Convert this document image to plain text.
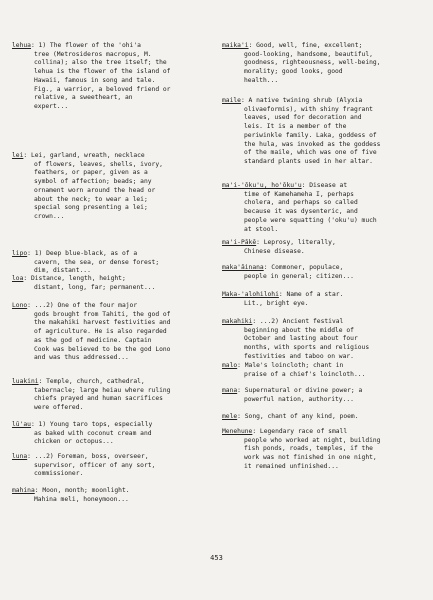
lehua: 1) The flower of the 'ohi'a

tree (Metrosideros macropus, M.

collina); also the tree itself; the

lehua is the flower of the island of

Hawaii, famous in song and tale.

Fig., a warrior, a beloved friend or

relative, a sweetheart, an

expert...

lei: Lei, garland, wreath, necklace

of flowers, leaves, shells, ivory,

feathers, or paper, given as a

symbol of affection; beads; any

ornament worn around the head or

about the neck; to wear a lei;

special song presenting a lei;

crown...

lipo: 1) Deep blue-black, as of a

cavern, the sea, or dense forest;

dim, distant...

loa: Distance, length, height;

distant, long, far; permanent...

Lono: ...2) One of the four major

gods brought from Tahiti, the god of

the makahiki harvest festivities and

of agriculture. He is also regarded

as the god of medicine. Captain

Cook was believed to be the god Lono

and was thus addressed...

luakini: Temple, church, cathedral,

tabernacle; large heiau where ruling

chiefs prayed and human sacrifices

were offered.

lū'au: 1) Young taro tops, especially

as baked with coconut cream and

chicken or octopus...

luna: ...2) Foreman, boss, overseer,

supervisor, officer of any sort,

commissioner.

mahina: Moon, month; moonlight.

Mahina meli, honeymoon...

maika'i: Good, well, fine, excellent;

good-looking, handsome, beautiful,

goodness, righteousness, well-being,

morality; good looks, good

health...

maile: A native twining shrub (Alyxia

olivaeformis), with shiny fragrant

leaves, used for decoration and

leis. It is a member of the

periwinkle family. Laka, goddess of

the hula, was invoked as the goddess

of the maile, which was one of five

standard plants used in her altar.

ma'i-'ōku'u, ho'ōku'u: Disease at

time of Kamehameha I, perhaps

cholera, and perhaps so called

because it was dysenteric, and

people were squatting ('oku'u) much

at stool.

ma'i-Pākē: Leprosy, literally,

Chinese disease.

maka'āinana: Commoner, populace,

people in general; citizen...

Maka-'alohilohi: Name of a star.

Lit., bright eye.

makahiki: ...2) Ancient festival

beginning about the middle of

October and lasting about four

months, with sports and religious

festivities and taboo on war.

malo: Male's loincloth; chant in

praise of a chief's loincloth...

mana: Supernatural or divine power; a

powerful nation, authority...

mele: Song, chant of any kind, poem.

Menehune: Legendary race of small

people who worked at night, building

fish ponds, roads, temples, if the

work was not finished in one night,

it remained unfinished...

453
